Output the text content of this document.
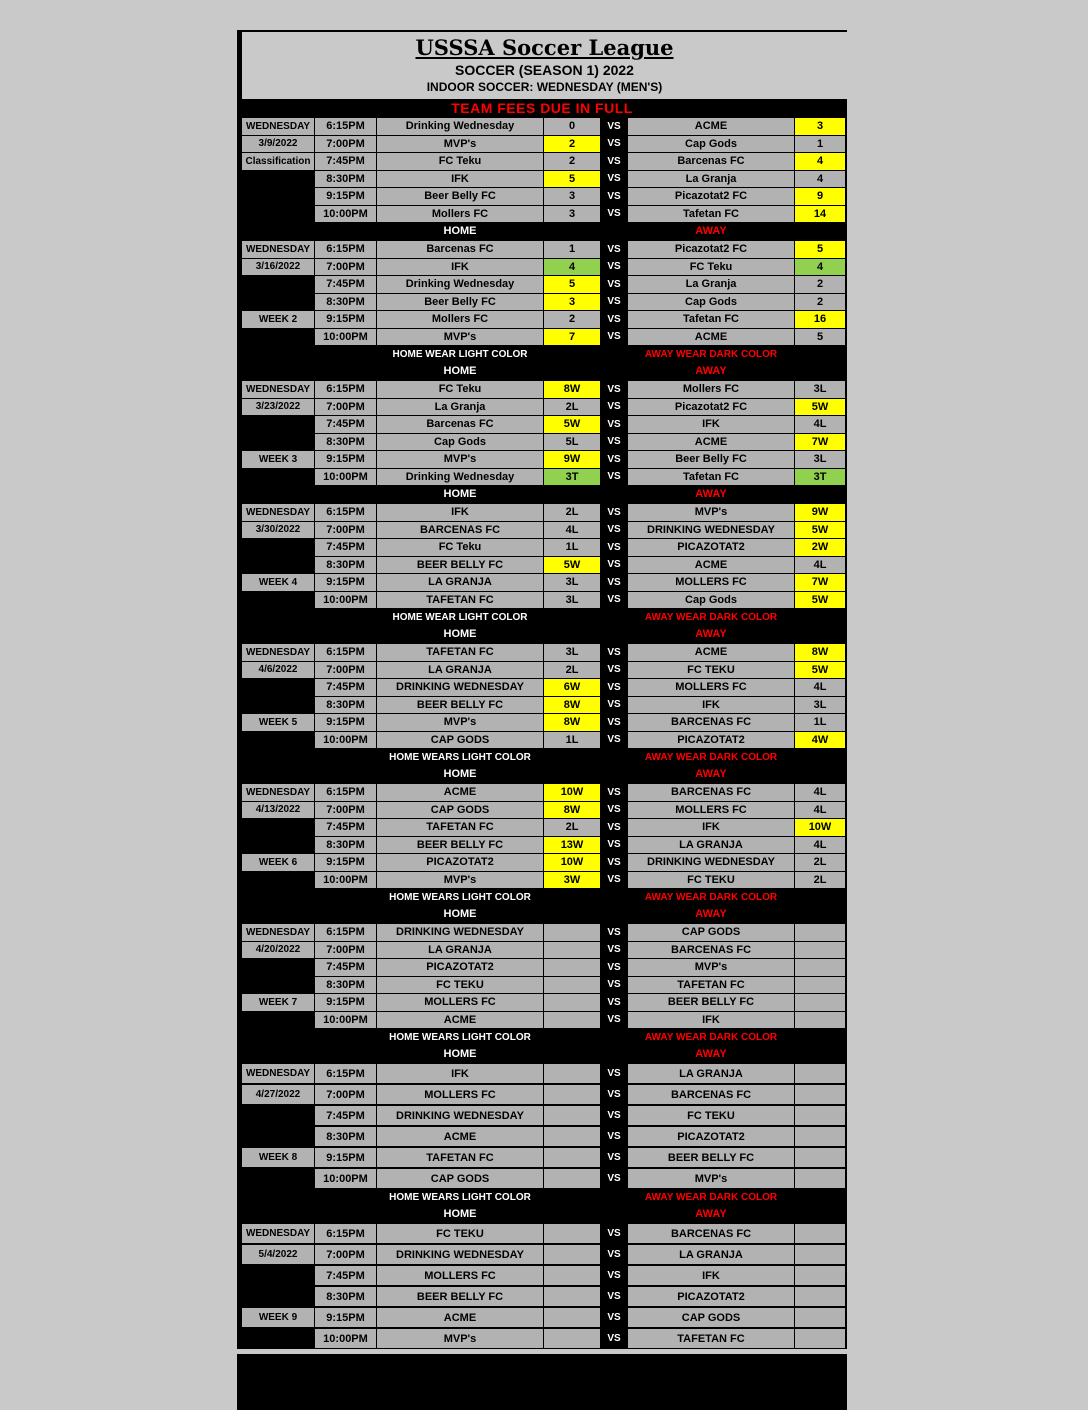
USSSA Soccer League
SOCCER (SEASON 1) 2022
INDOOR SOCCER: WEDNESDAY (MEN'S)
TEAM FEES DUE IN FULL
WEDNESDAY	6:15PM	Drinking Wednesday	0	VS	ACME	3
3/9/2022	7:00PM	MVP's	2	VS	Cap Gods	1
Classification	7:45PM	FC Teku	2	VS	Barcenas FC	4
8:30PM	IFK	5	VS	La Granja	4
9:15PM	Beer Belly FC	3	VS	Picazotat2 FC	9
10:00PM	Mollers FC	3	VS	Tafetan FC	14
HOME	AWAY
WEDNESDAY	6:15PM	Barcenas FC	1	VS	Picazotat2 FC	5
3/16/2022	7:00PM	IFK	4	VS	FC Teku	4
7:45PM	Drinking Wednesday	5	VS	La Granja	2
8:30PM	Beer Belly FC	3	VS	Cap Gods	2
WEEK 2	9:15PM	Mollers FC	2	VS	Tafetan FC	16
10:00PM	MVP's	7	VS	ACME	5
HOME WEAR LIGHT COLOR	AWAY WEAR DARK COLOR
HOME	AWAY
WEDNESDAY	6:15PM	FC Teku	8W	VS	Mollers FC	3L
3/23/2022	7:00PM	La Granja	2L	VS	Picazotat2 FC	5W
7:45PM	Barcenas FC	5W	VS	IFK	4L
8:30PM	Cap Gods	5L	VS	ACME	7W
WEEK 3	9:15PM	MVP's	9W	VS	Beer Belly FC	3L
10:00PM	Drinking Wednesday	3T	VS	Tafetan FC	3T
HOME	AWAY
WEDNESDAY	6:15PM	IFK	2L	VS	MVP's	9W
3/30/2022	7:00PM	BARCENAS FC	4L	VS	DRINKING WEDNESDAY	5W
7:45PM	FC Teku	1L	VS	PICAZOTAT2	2W
8:30PM	BEER BELLY FC	5W	VS	ACME	4L
WEEK 4	9:15PM	LA GRANJA	3L	VS	MOLLERS FC	7W
10:00PM	TAFETAN FC	3L	VS	Cap Gods	5W
HOME WEAR LIGHT COLOR	AWAY WEAR DARK COLOR
HOME	AWAY
WEDNESDAY	6:15PM	TAFETAN FC	3L	VS	ACME	8W
4/6/2022	7:00PM	LA GRANJA	2L	VS	FC TEKU	5W
7:45PM	DRINKING WEDNESDAY	6W	VS	MOLLERS FC	4L
8:30PM	BEER BELLY FC	8W	VS	IFK	3L
WEEK 5	9:15PM	MVP's	8W	VS	BARCENAS FC	1L
10:00PM	CAP GODS	1L	VS	PICAZOTAT2	4W
HOME WEARS LIGHT COLOR	AWAY WEAR DARK COLOR
HOME	AWAY
WEDNESDAY	6:15PM	ACME	10W	VS	BARCENAS FC	4L
4/13/2022	7:00PM	CAP GODS	8W	VS	MOLLERS FC	4L
7:45PM	TAFETAN FC	2L	VS	IFK	10W
8:30PM	BEER BELLY FC	13W	VS	LA GRANJA	4L
WEEK 6	9:15PM	PICAZOTAT2	10W	VS	DRINKING WEDNESDAY	2L
10:00PM	MVP's	3W	VS	FC TEKU	2L
HOME WEARS LIGHT COLOR	AWAY WEAR DARK COLOR
HOME	AWAY
WEDNESDAY	6:15PM	DRINKING WEDNESDAY	VS	CAP GODS
4/20/2022	7:00PM	LA GRANJA	VS	BARCENAS FC
7:45PM	PICAZOTAT2	VS	MVP's
8:30PM	FC TEKU	VS	TAFETAN FC
WEEK 7	9:15PM	MOLLERS FC	VS	BEER BELLY FC
10:00PM	ACME	VS	IFK
HOME WEARS LIGHT COLOR	AWAY WEAR DARK COLOR
HOME	AWAY
WEDNESDAY	6:15PM	IFK	VS	LA GRANJA
4/27/2022	7:00PM	MOLLERS FC	VS	BARCENAS FC
7:45PM	DRINKING WEDNESDAY	VS	FC TEKU
8:30PM	ACME	VS	PICAZOTAT2
WEEK 8	9:15PM	TAFETAN FC	VS	BEER BELLY FC
10:00PM	CAP GODS	VS	MVP's
HOME WEARS LIGHT COLOR	AWAY WEAR DARK COLOR
HOME	AWAY
WEDNESDAY	6:15PM	FC TEKU	VS	BARCENAS FC
5/4/2022	7:00PM	DRINKING WEDNESDAY	VS	LA GRANJA
7:45PM	MOLLERS FC	VS	IFK
8:30PM	BEER BELLY FC	VS	PICAZOTAT2
WEEK 9	9:15PM	ACME	VS	CAP GODS
10:00PM	MVP's	VS	TAFETAN FC
